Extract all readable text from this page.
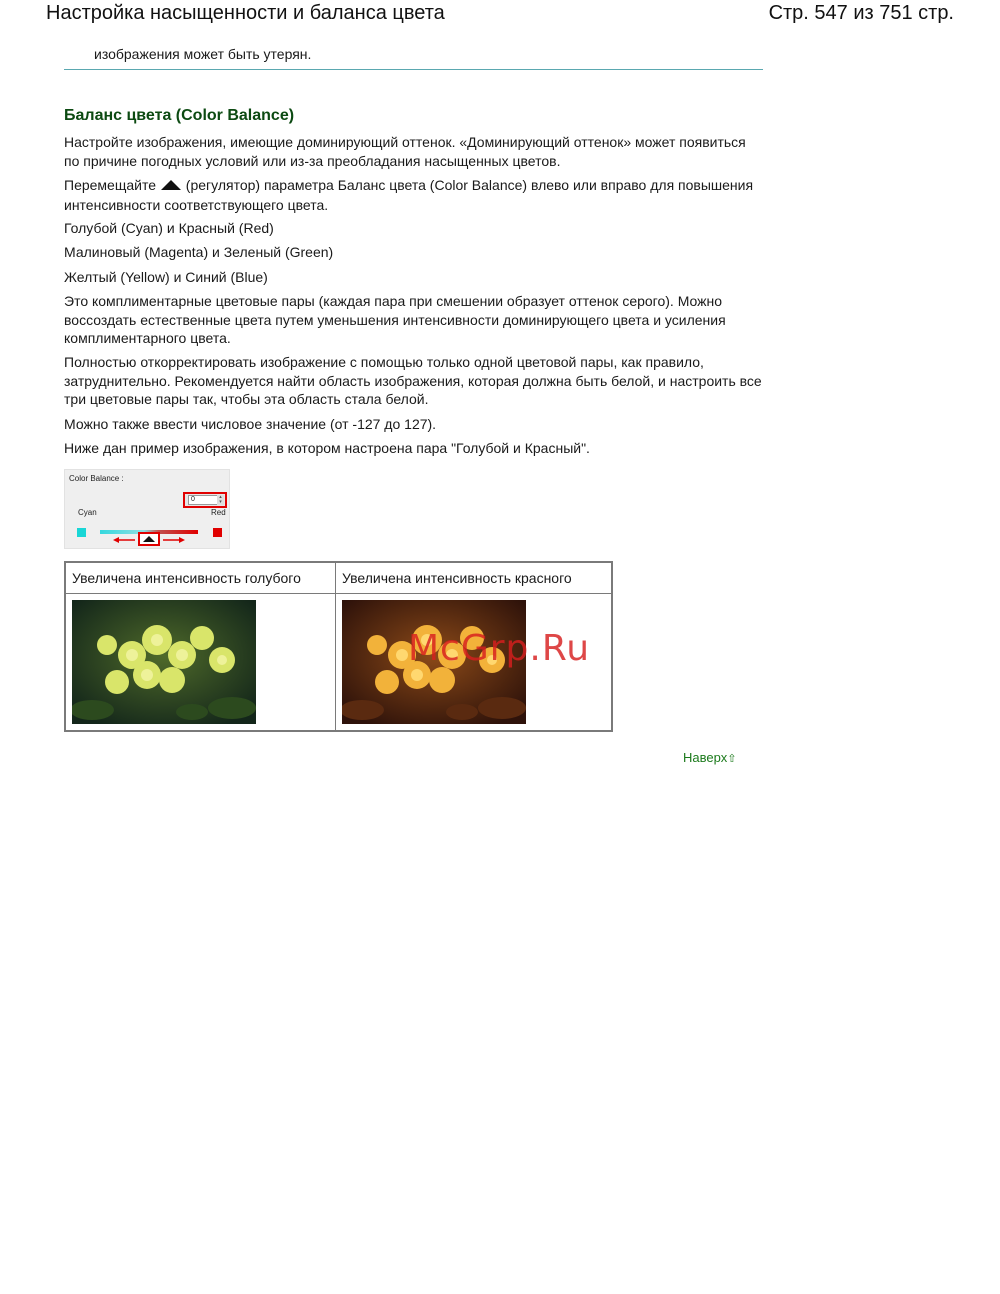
Настройка насыщенности и баланса цвета	Стр. 547 из 751 стр.
изображения может быть утерян.
Баланс цвета (Color Balance)
Настройте изображения, имеющие доминирующий оттенок. «Доминирующий оттенок» может появиться по причине погодных условий или из-за преобладания насыщенных цветов.
Перемещайте (регулятор) параметра Баланс цвета (Color Balance) влево или вправо для повышения интенсивности соответствующего цвета.
Голубой (Cyan) и Красный (Red)
Малиновый (Magenta) и Зеленый (Green)
Желтый (Yellow) и Синий (Blue)
Это комплиментарные цветовые пары (каждая пара при смешении образует оттенок серого). Можно воссоздать естественные цвета путем уменьшения интенсивности доминирующего цвета и усиления комплиментарного цвета.
Полностью откорректировать изображение с помощью только одной цветовой пары, как правило, затруднительно. Рекомендуется найти область изображения, которая должна быть белой, и настроить все три цветовые пары так, чтобы эта область стала белой.
Можно также ввести числовое значение (от -127 до 127).
Ниже дан пример изображения, в котором настроена пара "Голубой и Красный".
Color Balance :
0	▴
▾
Cyan	Red
Увеличена интенсивность голубого	Увеличена интенсивность красного

McGrp.Ru
Наверх⇧
